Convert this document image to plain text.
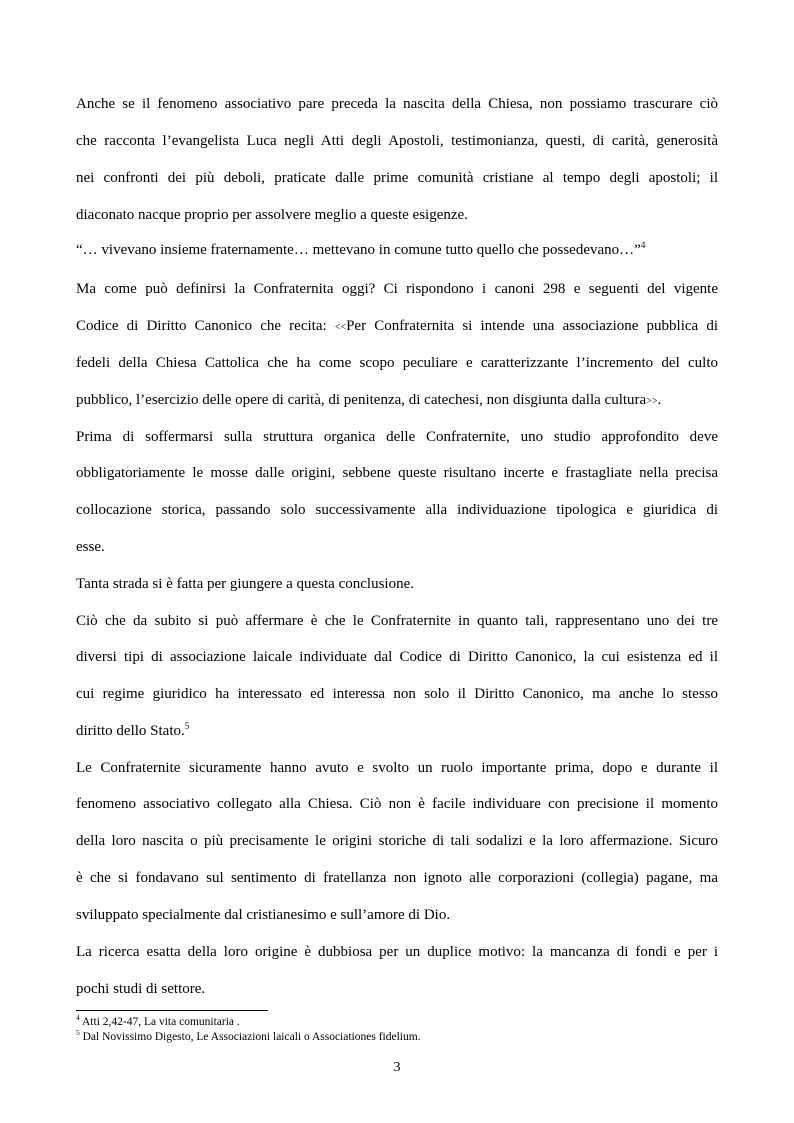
Anche se il fenomeno associativo pare preceda la nascita della Chiesa, non possiamo trascurare ciò
che racconta l’evangelista Luca negli Atti degli Apostoli, testimonianza, questi, di carità, generosità
nei confronti dei più deboli, praticate dalle prime comunità cristiane al tempo degli apostoli; il
diaconato nacque proprio per assolvere meglio a queste esigenze.
“… vivevano insieme fraternamente… mettevano in comune tutto quello che possedevano…”$^4$
Ma come può definirsi la Confraternita oggi? Ci rispondono i canoni 298 e seguenti del vigente
Codice di Diritto Canonico che recita: <<Per Confraternita si intende una associazione pubblica di
fedeli della Chiesa Cattolica che ha come scopo peculiare e caratterizzante l’incremento del culto
pubblico, l’esercizio delle opere di carità, di penitenza, di catechesi, non disgiunta dalla cultura>>.
Prima di soffermarsi sulla struttura organica delle Confraternite, uno studio approfondito deve
obbligatoriamente le mosse dalle origini, sebbene queste risultano incerte e frastagliate nella precisa
collocazione storica, passando solo successivamente alla individuazione tipologica e giuridica di
esse.
Tanta strada si è fatta per giungere a questa conclusione.
Ciò che da subito si può affermare è che le Confraternite in quanto tali, rappresentano uno dei tre
diversi tipi di associazione laicale individuate dal Codice di Diritto Canonico, la cui esistenza ed il
cui regime giuridico ha interessato ed interessa non solo il Diritto Canonico, ma anche lo stesso
diritto dello Stato.$^5$
Le Confraternite sicuramente hanno avuto e svolto un ruolo importante prima, dopo e durante il
fenomeno associativo collegato alla Chiesa. Ciò non è facile individuare con precisione il momento
della loro nascita o più precisamente le origini storiche di tali sodalizi e la loro affermazione. Sicuro
è che si fondavano sul sentimento di fratellanza non ignoto alle corporazioni (collegia) pagane, ma
sviluppato specialmente dal cristianesimo e sull’amore di Dio.
La ricerca esatta della loro origine è dubbiosa per un duplice motivo: la mancanza di fondi e per i
pochi studi di settore.
$^4$ Atti 2,42-47, La vita comunitaria .
$^5$ Dal Novissimo Digesto, Le Associazioni laicali o Associationes fidelium.
3
